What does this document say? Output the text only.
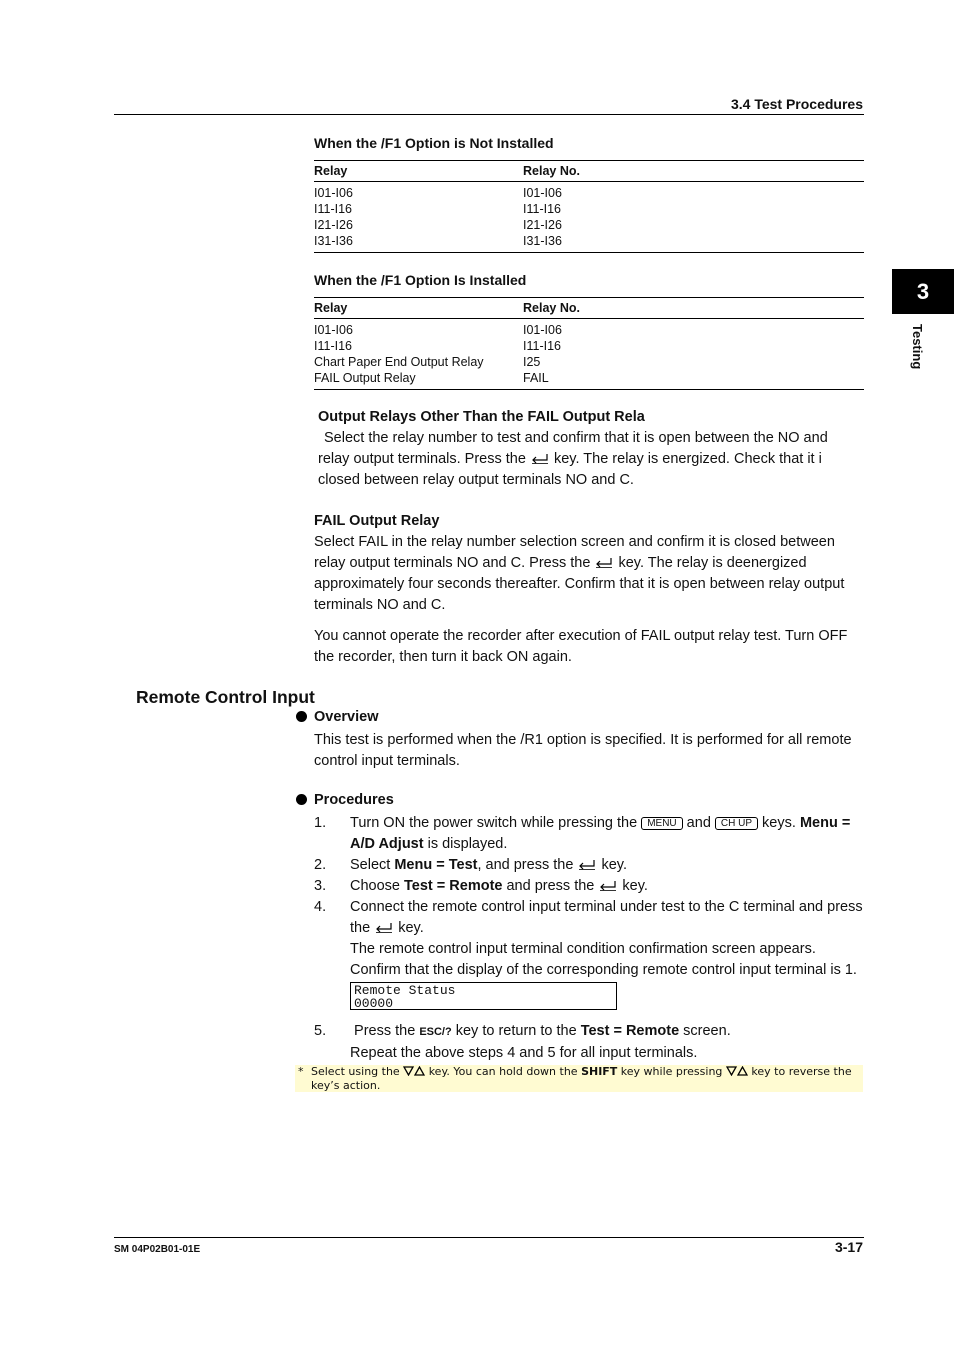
3.4 Test Procedures
3
Testing
When the /F1 Option is Not Installed
Relay	Relay No.
I01-I06	I01-I06
I11-I16	I11-I16
I21-I26	I21-I26
I31-I36	I31-I36
When the /F1 Option Is Installed
Relay	Relay No.
I01-I06	I01-I06
I11-I16	I11-I16
Chart Paper End Output Relay	I25
FAIL Output Relay	FAIL

Output Relays Other Than the FAIL Output Rela

Select the relay number to test and confirm that it is open between the NO and

relay output terminals. Press the  key. The relay is energized. Check that it i

closed between relay output terminals NO and C.

FAIL Output Relay

Select FAIL in the relay number selection screen and confirm it is closed between

relay output terminals NO and C. Press the  key. The relay is deenergized

approximately four seconds thereafter. Confirm that it is open between relay output

terminals NO and C.

You cannot operate the recorder after execution of FAIL output relay test. Turn OFF

the recorder, then turn it back ON again.

Remote Control Input
Overview

This test is performed when the /R1 option is specified. It is performed for all remote

control input terminals.

Procedures
1. Turn ON the power switch while pressing the MENU and CH UP keys. Menu =
A/D Adjust is displayed.
2. Select Menu = Test, and press the  key.
3. Choose Test = Remote and press the  key.
4. Connect the remote control input terminal under test to the C terminal and press
the  key.
The remote control input terminal condition confirmation screen appears.
Confirm that the display of the corresponding remote control input terminal is 1.
Remote Status
00000
5. Press the ESC/? key to return to the Test = Remote screen.
Repeat the above steps 4 and 5 for all input terminals.
* Select using the  key. You can hold down the SHIFT key while pressing  key to reverse the
key’s action.
SM 04P02B01-01E	3-17
